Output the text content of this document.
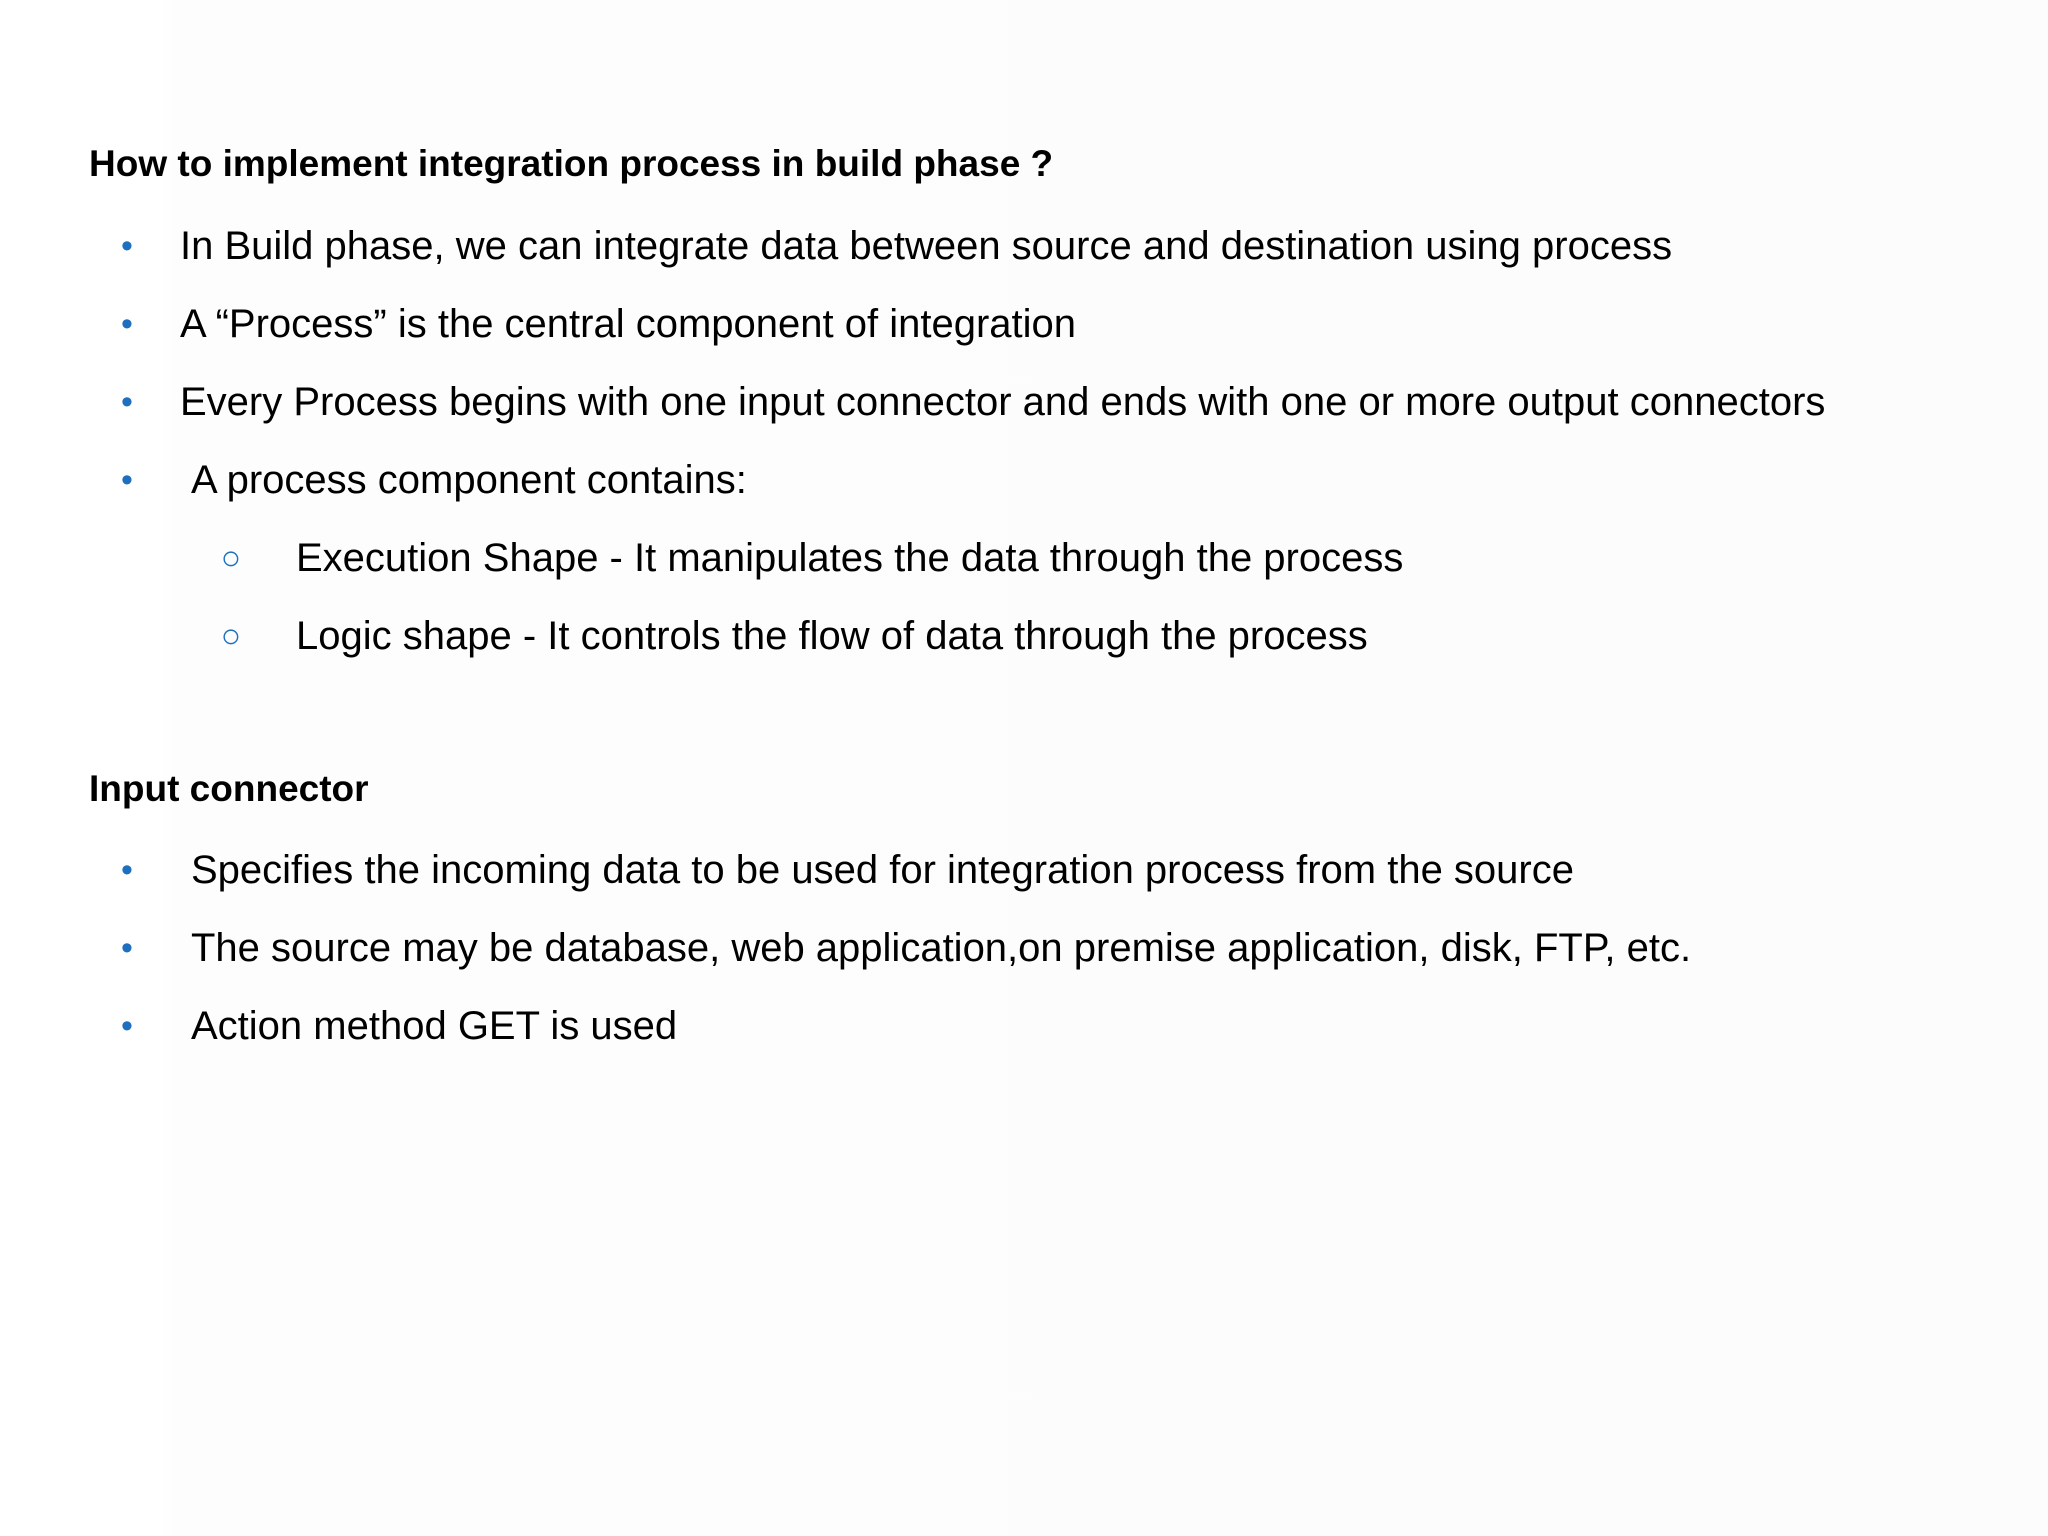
How to implement integration process in build phase ?
• In Build phase, we can integrate data between source and destination using process
• A “Process” is the central component of integration
• Every Process begins with one input connector and ends with one or more output connectors
• A process component contains:
○ Execution Shape - It manipulates the data through the process
○ Logic shape - It controls the flow of data through the process
Input connector
• Specifies the incoming data to be used for integration process from the source
• The source may be database, web application,on premise application, disk, FTP, etc.
• Action method GET is used
